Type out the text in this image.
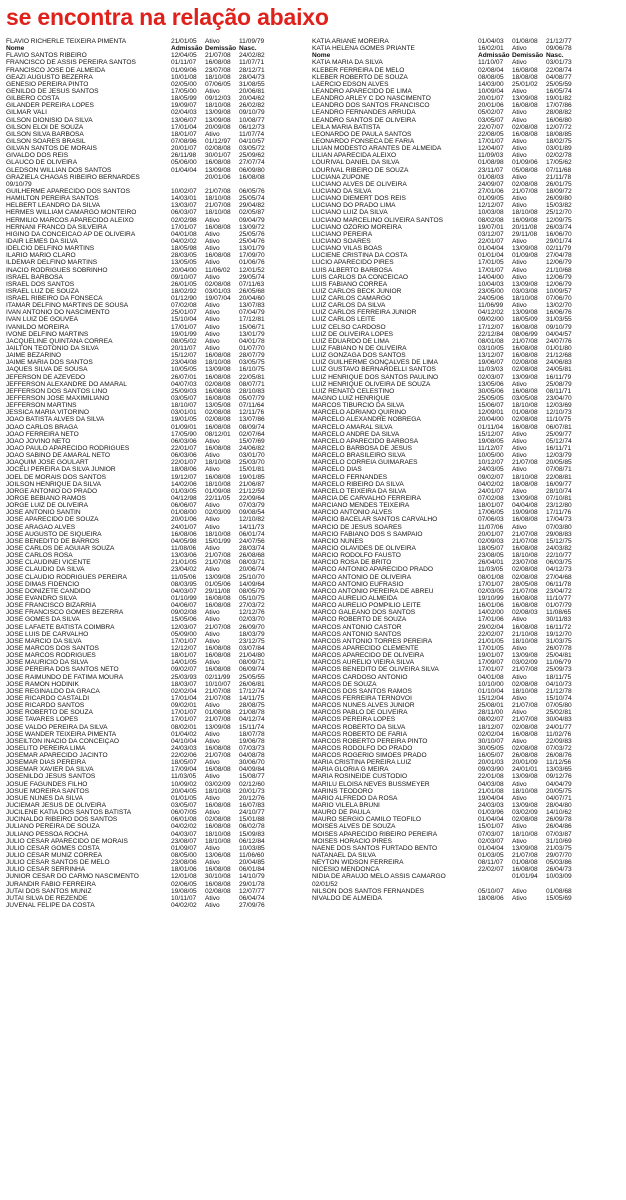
se encontra na relação abaixo
FLAVIO RICHERLE TEIXEIRA PIMENTA	21/01/05	Ativo	11/09/79
Nome	Admissão Demissão Nasc.
FLAVIO SANTOS RIBEIRO	12/04/05	21/07/08	24/02/82
FRANCISCO DE ASSIS PEREIRA SANTOS	01/11/07	16/08/08	11/07/71
FRANCISCO JOSE DE ALMEIDA	01/09/06	23/07/08	28/12/71
GEAZI AUGUSTO BEZERRA	10/01/08	18/10/08	28/04/73
GENESIO PEREIRA PINTO	02/05/00	07/06/05	31/08/55
GENILDO DE JESUS SANTOS	17/05/00	Ativo	20/06/81
GILBERO COSTA	18/05/99	09/12/03	20/04/62
GILANDER PEREIRA LOPES	19/09/07	18/10/08	26/02/82
GILMAR VALI	02/04/03	13/09/08	09/10/79
GILSON DIONISIO DA SILVA	13/06/07	13/09/08	10/08/77
GILSON ELOI DE SOUZA	17/01/04	20/09/08	06/12/73
GILSON SILVA BARBOSA	18/01/07	Ativo	11/07/74
GILSON SOARES BRASIL	07/08/96	01/12/97	04/10/57
GILVAN SANTOS DE MORAIS	20/01/07	02/08/08	03/05/72
GIVALDO DOS REIS	26/11/98	30/01/07	25/09/62
GLAUCO DE OLIVEIRA	05/06/00	16/08/08	27/07/74
GLEDSON WILLIAN DOS SANTOS	01/04/04	13/09/08	06/09/80
GRAZIELA CHAGAS RIBEIRO BERNARDES	20/01/06	16/08/08
09/10/79
GUILHERME APARECIDO DOS SANTOS	10/02/07	21/07/08	06/05/76
HAMILTON PEREIRA SANTOS	14/03/01	18/10/08	25/05/74
HELBERT LEANDRO DA SILVA	13/03/07	21/07/08	29/04/82
HERMES WILLIAM CAMARGO MONTEIRO	06/03/07	18/10/08	02/05/87
HERMILIO MARCOS APARECIDO ALEIXO	02/02/98	Ativo	09/04/79
HERNANI FRANCO DA SILVEIRA	17/01/07	16/08/08	13/09/72
HIGINO DA CONCEICAO AP DE OLIVEIRA	04/01/08	Ativo	25/05/76
IDAIR LEMES DA SILVA	04/02/02	Ativo	25/04/76
IDELCIO DELFINO MARTINS	18/05/98	Ativo	13/01/79
ILARIO MARIO CLARO	28/03/05	16/08/08	17/09/70
ILDEMAR DELFINO MARTINS	13/05/05	Ativo	01/06/76
INACIO RODRIGUES SOBRINHO	20/04/00	11/06/02	12/01/52
ISRAEL BARBOSA	09/10/07	Ativo	29/05/74
ISRAEL DOS SANTOS	26/01/05	02/08/08	07/11/63
ISRAEL LUZ DE SOUZA	18/02/92	03/01/03	26/05/68
ISRAEL RIBEIRO DA FONSECA	01/12/90	19/07/04	20/04/60
ITAMAR DELFINO MARTINS DE SOUSA	07/02/08	Ativo	13/07/83
IVAN ANTONIO DO NASCIMENTO	25/01/07	Ativo	07/04/79
IVAN LUIZ DE GOUVEA	15/10/04	Ativo	17/12/81
IVANILDO MOREIRA	17/01/07	Ativo	15/06/71
IVONE DELFINO MARTINS	19/01/99	Ativo	13/01/79
JACQUELINE QUINTANA CORREA	08/05/02	Ativo	04/01/78
JAILTON TEOTONIO DA SILVA	20/11/07	Ativo	01/07/70
JAIME BEZARINO	15/12/07	16/08/08	28/07/79
JAIME MARIA DOS SANTOS	23/04/08	18/10/08	03/05/75
JAQUES SILVA DE SOUSA	10/05/05	13/09/08	16/10/75
JEFERSON DE AZEVEDO	26/07/01	16/08/08	22/05/81
JEFFERSON ALEXANDRE DO AMARAL	04/07/03	02/08/08	08/07/71
JEFFERSON DOS SANTOS LINO	25/09/03	16/08/08	28/10/83
JEFFERSON JOSE MAXIMILIANO	03/05/07	16/08/08	05/07/79
JEFFERSON MARTINS	18/10/07	13/05/08	07/11/64
JESSICA MARIA VITORINO	03/01/01	02/08/08	12/11/76
JOAO BATISTA ALVES DA SILVA	19/01/05	02/08/08	13/07/86
JOAO CARLOS BRAGA	01/09/01	16/08/08	08/09/74
JOAO FERREIRA NETO	17/05/90	08/12/01	02/07/64
JOAO JOVINO NETO	06/03/06	Ativo	15/07/69
JOAO PAULO APARECIDO RODRIGUES	22/01/07	16/08/08	24/06/82
JOAO SABINO DE AMARAL NETO	06/03/06	Ativo	03/01/70
JOAQUIM JOSE GOULART	22/01/07	18/10/08	25/03/70
JOCELI PEREIRA DA SILVA JUNIOR	18/08/06	Ativo	15/01/81
JOEL DE MORAIS DOS SANTOS	19/12/07	16/08/08	19/01/85
JOILSON HENRIQUE DA SILVA	14/02/06	18/10/08	21/06/87
JORGE ANTONIO DO PRADO	01/03/05	01/09/08	21/12/59
JORGE BEBIANO RAMOS	04/12/98	22/11/05	22/09/64
JORGE LUIZ DE OLIVEIRA	06/06/07	Ativo	07/03/79
JOSE ANTONIO SANTIN	01/08/00	02/03/09	09/08/54
JOSE APARECIDO DE SOUZA	20/01/06	Ativo	12/10/82
JOSE ARAGAO ALVES	24/01/07	Ativo	14/11/73
JOSE AUGUSTO DE SIQUEIRA	16/08/06	18/10/08	06/01/74
JOSE BENEDITO DE BARROS	04/05/98	15/01/99	24/07/56
JOSE CARLOS DE AGUIAR SOUZA	11/08/06	Ativo	28/03/74
JOSE CARLOS ROSA	13/03/06	21/07/08	26/08/68
JOSE CLAUDINEI VICENTE	21/01/05	21/07/08	08/03/71
JOSE CLAUDIO DA SILVA	23/04/02	Ativo	20/06/74
JOSE CLAUDIO RODRIGUES PEREIRA	11/05/06	13/09/08	25/10/70
JOSE DIMAS FIDENCIO	08/03/95	01/05/06	14/09/64
JOSE DONIZETE CANDIDO	04/03/07	29/11/08	08/05/79
JOSE EVANDRO SILVA	01/10/99	16/08/08	05/10/75
JOSE FRANCISCO BIZARRIA	04/06/07	16/08/08	27/03/72
JOSE FRANCISCO GOMES BEZERRA	09/02/08	Ativo	12/12/76
JOSE GOMES DA SILVA	15/05/06	Ativo	02/03/70
JOSE LAFAETE BATISTA COIMBRA	12/03/07	21/07/08	26/09/70
JOSE LUIS DE CARVALHO	05/09/00	Ativo	18/03/79
JOSE MARCIO DA SILVA	17/01/07	Ativo	23/12/75
JOSE MARCOS DOS SANTOS	12/12/07	16/08/08	03/07/84
JOSE MARCOS RODRIGUES	18/01/07	16/08/08	21/04/80
JOSE MAURICIO DA SILVA	14/01/05	Ativo	08/09/71
JOSE PEREIRA DOS SANTOS NETO	09/02/07	16/08/08	06/09/74
JOSE RAIMUNDO DE FATIMA MOURA	25/03/93	02/11/99	25/05/55
JOSE RAMON HODINIK	18/03/07	10/10/07	26/06/81
JOSE REGINALDO DA GRACA	02/02/04	21/07/08	17/12/74
JOSE RICARDO CASTALDI	17/01/04	21/07/08	14/11/75
JOSE RICARDO SANTOS	09/02/01	Ativo	28/08/75
JOSE ROBERTO DE SOUZA	17/01/07	01/08/08	21/08/78
JOSE TAVARES LOPES	17/01/07	21/07/08	04/12/74
JOSE VALDO PEREIRA DA SILVA	08/02/01	13/09/08	15/11/74
JOSE WANDER TEIXEIRA PIMENTA	01/04/02	Ativo	18/07/78
JOSEILTON INACIO DA CONCEIÇÃO	04/10/04	Ativo	19/06/78
JOSELITO PEREIRA LIMA	24/03/03	16/08/08	07/03/73
JOSEMAR APARECIDO JACINTO	22/02/06	21/07/08	04/08/78
JOSEMAR DIAS PEREIRA	18/05/07	Ativo	30/06/70
JOSEMAR XAVIER DA SILVA	17/09/04	16/08/08	04/09/84
JOSENILDO JESUS SANTOS	11/03/05	Ativo	15/08/77
JOSUE FAGUNDES FILHO	10/09/02	03/02/09	02/12/60
JOSUE MOREIRA SANTOS	20/04/05	18/10/08	20/01/73
JOSUE NUNES DA SILVA	01/01/05	Ativo	20/12/76
JUCIEMAR JESUS DE OLIVEIRA	03/05/07	16/08/08	16/07/83
JUCILENE KATIA DOS SANTOS BATISTA	06/07/05	Ativo	24/10/77
JUCINALDO RIBEIRO DOS SANTOS	06/01/08	02/08/08	15/01/88
JULIANO PEREIRA DE SOUZA	04/02/02	16/08/08	06/02/78
JULIANO PESSOA ROCHA	04/03/07	18/10/08	15/09/83
JULIO CESAR APARECIDO DE MORAIS	23/08/07	18/10/08	06/12/84
JULIO CESAR GOMES COSTA	01/09/07	Ativo	10/03/85
JULIO CESAR MUNIZ CORREA	08/05/00	13/06/08	11/06/60
JULIO CESAR SANTOS DE MELO	23/08/06	Ativo	20/04/85
JULIO CESAR SERRINHA	18/01/06	16/08/08	06/01/84
JUNIOR CESAR DO CARMO NASCIMENTO	12/01/08	30/10/08	14/10/79
JURANDIR FABIO FERREIRA	02/06/05	16/08/08	29/01/78
JUTAI DOS SANTOS MUNIZ	19/08/05	02/08/08	12/07/77
JUTAI SILVA DE REZENDE	10/11/07	Ativo	06/04/74
JUVENAL FELIPE DA COSTA	04/02/02	Ativo	27/09/76
KATIA ARIANE MOREIRA	01/04/03	01/08/08	21/12/77
KATIA HELENA GOMES PRIANTE	16/02/01	Ativo	09/06/78
Nome	Admissão Demissão Nasc.
KATIA MARIA DA SILVA	11/10/07	Ativo	03/01/73
KLEBER FERREIRA DE MELO	02/08/04	16/08/08	22/08/74
KLEBER ROBERTO DE SOUZA	08/08/05	18/08/08	04/08/77
LAERCIO EDSON ALVES	14/03/00	25/01/02	25/05/59
LEANDRO APARECIDO DE LIMA	10/09/04	Ativo	16/05/74
LEANDRO ARLEY C DO NASCIMENTO	20/01/07	13/09/08	19/01/82
LEANDRO DOS SANTOS FRANCISCO	20/01/06	16/08/08	17/07/86
LEANDRO FERNANDES ARRUDA	05/02/07	Ativo	28/08/82
LEANDRO SANTOS DE OLIVEIRA	03/05/07	Ativo	16/06/80
LEILA MARIA BATISTA	22/07/07	02/08/08	12/07/72
LEONARDO DE PAULA SANTOS	22/08/05	16/08/08	18/08/85
LEONARDO FONSECA DE FARIA	17/01/07	Ativo	18/02/75
LILIAN MODESTO ARANTES DE ALMEIDA	12/04/07	Ativo	03/01/89
LILIAN APARECIDA ALEIXO	11/09/03	Ativo	02/02/78
LOURIVAL DANIEL DA SILVA	01/08/98	01/09/06	17/05/62
LOURIVAL RIBEIRO DE SOUZA	23/11/07	05/08/08	07/11/68
LUCIANA ZUPONE	01/08/03	Ativo	21/11/78
LUCIANO ALVES DE OLIVEIRA	24/09/07	02/08/08	26/01/75
LUCIANO DA SILVA	27/01/06	21/07/08	18/09/72
LUCIANO DIEMERT DOS REIS	01/09/05	Ativo	26/09/80
LUCIANO DO PRADO LIMA	12/12/07	Ativo	15/03/82
LUCIANO LUIZ DA SILVA	10/03/08	18/10/08	25/12/70
LUCIANO MARCELINO OLIVEIRA SANTOS	08/02/08	16/09/08	12/09/75
LUCIANO OZORIO MOREIRA	19/07/01	20/11/08	26/03/74
LUCIANO PEREIRA	03/12/07	29/11/08	16/06/70
LUCIANO SOARES	22/01/07	Ativo	29/01/74
LUCIANO VILAS BOAS	01/04/04	13/09/08	02/11/79
LUCIENE CRISTINA DA COSTA	01/01/04	01/09/08	27/04/78
LUCIO APARECIDO PIRES	17/01/05	Ativo	12/06/79
LUIS ALBERTO BARBOSA	17/01/07	Ativo	21/10/68
LUIS CARLOS DA CONCEICAO	14/04/00	Ativo	12/06/79
LUIS FABIANO CORREA	10/04/03	13/09/08	12/06/79
LUIZ CARLOS BECK JUNIOR	23/05/00	03/03/08	10/09/57
LUIZ CARLOS CAMARGO	24/05/06	18/10/08	07/06/70
LUIZ CARLOS DA SILVA	11/06/99	Ativo	13/02/70
LUIZ CARLOS FERREIRA JUNIOR	04/12/02	13/09/08	16/06/76
LUIZ CARLOS LEITE	09/02/00	18/05/09	31/03/55
LUIZ CELSO CARDOSO	17/12/07	16/08/08	09/10/79
LUIZ DE OLIVEIRA LOPES	22/12/84	08/06/99	04/04/57
LUIZ EDUARDO DE LIMA	08/01/08	21/07/08	24/07/76
LUIZ FABIANO N DE OLIVEIRA	03/10/05	16/08/08	01/01/80
LUIZ GONZAGA DOS SANTOS	13/12/07	16/08/08	21/12/68
LUIZ GUILHERME GONÇALVES DE LIMA	19/06/07	02/08/08	24/06/83
LUIZ GUSTAVO BERNARDELLI SANTOS	11/03/03	02/08/08	24/05/81
LUIZ HENRIQUE DOS SANTOS PAULINO	02/03/07	13/09/08	16/11/79
LUIZ HENRIQUE OLIVEIRA DE SOUZA	13/05/06	Ativo	25/08/79
LUIZ RENATO CELESTINO	30/05/06	16/08/08	08/11/71
MAGNO LUIZ HENRIQUE	25/05/05	03/05/08	23/04/70
MARCOS TIBURCIO DA SILVA	15/06/07	18/10/08	12/03/69
MARCELO ADRIANO QUIRINO	12/09/01	01/08/08	12/10/73
MARCELO ALEXANDRE NOBREGA	20/04/00	02/08/08	11/10/75
MARCELO AMARAL SILVA	01/11/04	16/08/08	06/07/81
MARCELO ANDRE DA SILVA	15/12/07	Ativo	25/09/77
MARCELO APARECIDO BARBOSA	19/08/05	Ativo	05/12/74
MARCELO BARBOSA DE JESUS	11/12/07	Ativo	16/11/71
MARCELO BRASILEIRO SILVA	10/05/00	Ativo	12/03/79
MARCELO CORREIA GUIMARAES	10/12/07	21/07/08	20/05/85
MARCELO DIAS	24/03/05	Ativo	07/08/71
MARCELO FERNANDES	09/02/07	18/10/08	22/08/81
MARCELO RIBEIRO DA SILVA	04/02/02	18/08/08	16/09/77
MARCELO TEIXEIRA DA SILVA	24/01/07	Ativo	28/10/74
MARCIA DE CARVALHO FERREIRA	07/02/08	13/09/08	07/10/81
MARCIANO MENDES TEIXEIRA	18/01/07	04/04/08	23/12/80
MARCIO ANTONIO ALVES	17/06/05	19/09/08	17/11/76
MARCIO BACELAR SANTOS CARVALHO	07/06/03	16/08/08	17/04/73
MARCIO DE JESUS SOARES	11/07/06	Ativo	07/03/80
MARCIO FABIANO DOS S SAMPAIO	20/01/07	21/07/08	29/08/83
MARCIO NUNES	02/09/03	21/07/08	15/12/75
MARCIO OLAVIDES DE OLIVEIRA	18/05/07	16/08/08	24/03/82
MARCIO RODOLFO FAUSTO	23/08/05	18/10/08	22/10/77
MARCIO ROSA DE BRITO	26/04/01	23/07/08	06/03/75
MARCO ANTONIO APARECIDO PRADO	11/03/05	02/08/08	04/12/73
MARCO ANTONIO DE OLIVEIRA	08/01/08	02/08/08	27/04/68
MARCO ANTONIO EUFRASIO	17/01/07	28/05/08	06/11/78
MARCO ANTONIO PEREIRA DE ABREU	02/03/05	21/07/08	23/04/72
MARCO AURELIO ALMEIDA	19/10/99	16/08/08	11/10/77
MARCO AURELIO POMPILIO LEITE	16/01/06	16/08/08	01/07/79
MARCO GALEANO DOS SANTOS	14/02/00	02/08/03	11/08/65
MARCO ROBERTO DE SOUZA	17/01/06	Ativo	30/11/83
MARCOS ANTONIO CASTOR	29/02/04	16/08/08	16/11/72
MARCOS ANTONIO SANTOS	22/02/07	21/10/08	19/12/70
MARCOS ANTONIO TORRES PEREIRA	21/01/05	18/10/08	31/03/75
MARCOS APARECIDO CLEMENTE	17/01/05	Ativo	26/07/78
MARCOS APARECIDO DE OLIVEIRA	19/01/07	13/09/08	25/04/81
MARCOS AURELIO VIEIRA SILVA	17/09/07	03/02/09	11/06/79
MARCOS BENEDITO DE OLIVEIRA SILVA	17/01/07	21/07/08	25/09/73
MARCOS CARDOSO ANTONIO	04/01/08	Ativo	18/11/75
MARCOS DE SOUZA	10/10/00	02/08/08	04/10/73
MARCOS DOS SANTOS RAMOS	01/10/04	18/10/08	21/12/78
MARCOS FERREIRA TERNOVOI	15/12/04	Ativo	15/10/74
MARCOS NUNES ALVES JUNIOR	25/08/01	21/07/08	07/05/80
MARCOS PABLO DE OLIVEIRA	28/11/00	Ativo	25/02/81
MARCOS PEREIRA LOPES	08/02/07	21/07/08	30/04/83
MARCOS ROBERTO DA SILVA	18/12/07	02/08/08	24/01/77
MARCOS ROBERTO DE FARIA	02/02/04	16/08/08	11/02/76
MARCOS ROBERTO PEREIRA PINTO	30/10/07	Ativo	22/09/83
MARCOS RODOLFO DO PRADO	30/05/05	02/08/08	07/03/72
MARCOS ROGERIO SIMOES PRADO	16/05/07	26/08/08	26/08/76
MARIA CRISTINA PEREIRA LUIZ	20/01/03	20/01/09	11/12/56
MARIA GLORIA G MEIRA	09/03/90	24/01/01	13/03/65
MARIA ROSINEIDE CUSTODIO	22/01/08	13/09/08	09/12/76
MARILU ELOISA NEVES BUSSMEYER	04/03/08	Ativo	04/04/79
MARINS TEODORO	21/01/08	18/10/08	20/05/75
MARIO ALFREDO DA ROSA	19/04/04	Ativo	04/07/71
MARIO VILELA BRUNI	24/03/03	13/09/08	28/04/80
MAURO DE PAULA	01/03/96	03/02/09	14/10/62
MAURO SERGIO CAMILO TEOFILO	01/04/04	02/08/08	26/09/78
MOISES ALVES DE SOUZA	15/01/07	Ativo	26/04/86
MOISES APARECIDO RIBEIRO PEREIRA	07/03/07	18/10/08	07/03/87
MOISES HORACIO PIRES	02/03/07	Ativo	31/10/69
NAENE DOS SANTOS FURTADO BENTO	01/04/04	13/09/08	21/03/75
NATANAEL DA SILVA	01/03/05	21/07/08	29/07/70
NEYTON WIDSON FERREIRA	08/11/07	01/08/08	05/03/86
NICESIO MENDONCA	22/02/07	16/08/08	26/04/73
NIDIA DE ARAUJO MELO ASSIS CAMARGO	01/01/94	10/03/09
02/01/52
NILSON DOS SANTOS FERNANDES	05/10/07	Ativo	01/08/68
NIVALDO DE ALMEIDA	18/08/06	Ativo	15/05/69
